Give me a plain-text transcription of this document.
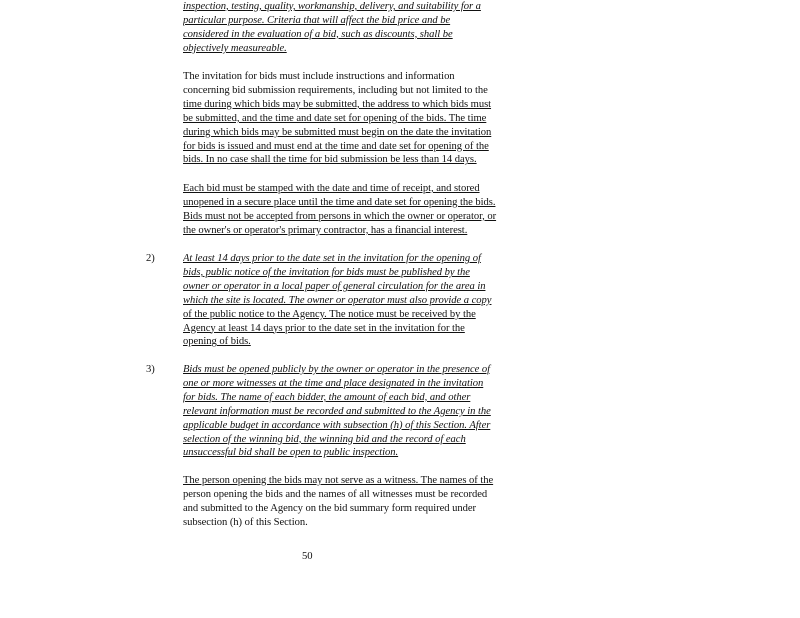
inspection, testing, quality, workmanship, delivery, and suitability for a
particular purpose. Criteria that will affect the bid price and be
considered in the evaluation of a bid, such as discounts, shall be
objectively measureable.
The invitation for bids must include instructions and information
concerning bid submission requirements, including but not limited to the
time during which bids may be submitted, the address to which bids must
be submitted, and the time and date set for opening of the bids. The time
during which bids may be submitted must begin on the date the invitation
for bids is issued and must end at the time and date set for opening of the
bids. In no case shall the time for bid submission be less than 14 days.
Each bid must be stamped with the date and time of receipt, and stored
unopened in a secure place until the time and date set for opening the bids.
Bids must not be accepted from persons in which the owner or operator, or
the owner's or operator's primary contractor, has a financial interest.
2)	At least 14 days prior to the date set in the invitation for the opening of
bids, public notice of the invitation for bids must be published by the
owner or operator in a local paper of general circulation for the area in
which the site is located. The owner or operator must also provide a copy
of the public notice to the Agency. The notice must be received by the
Agency at least 14 days prior to the date set in the invitation for the
opening of bids.
3)	Bids must be opened publicly by the owner or operator in the presence of
one or more witnesses at the time and place designated in the invitation
for bids. The name of each bidder, the amount of each bid, and other
relevant information must be recorded and submitted to the Agency in the
applicable budget in accordance with subsection (h) of this Section. After
selection of the winning bid, the winning bid and the record of each
unsuccessful bid shall be open to public inspection.
The person opening the bids may not serve as a witness. The names of the
person opening the bids and the names of all witnesses must be recorded
and submitted to the Agency on the bid summary form required under
subsection (h) of this Section.
50
